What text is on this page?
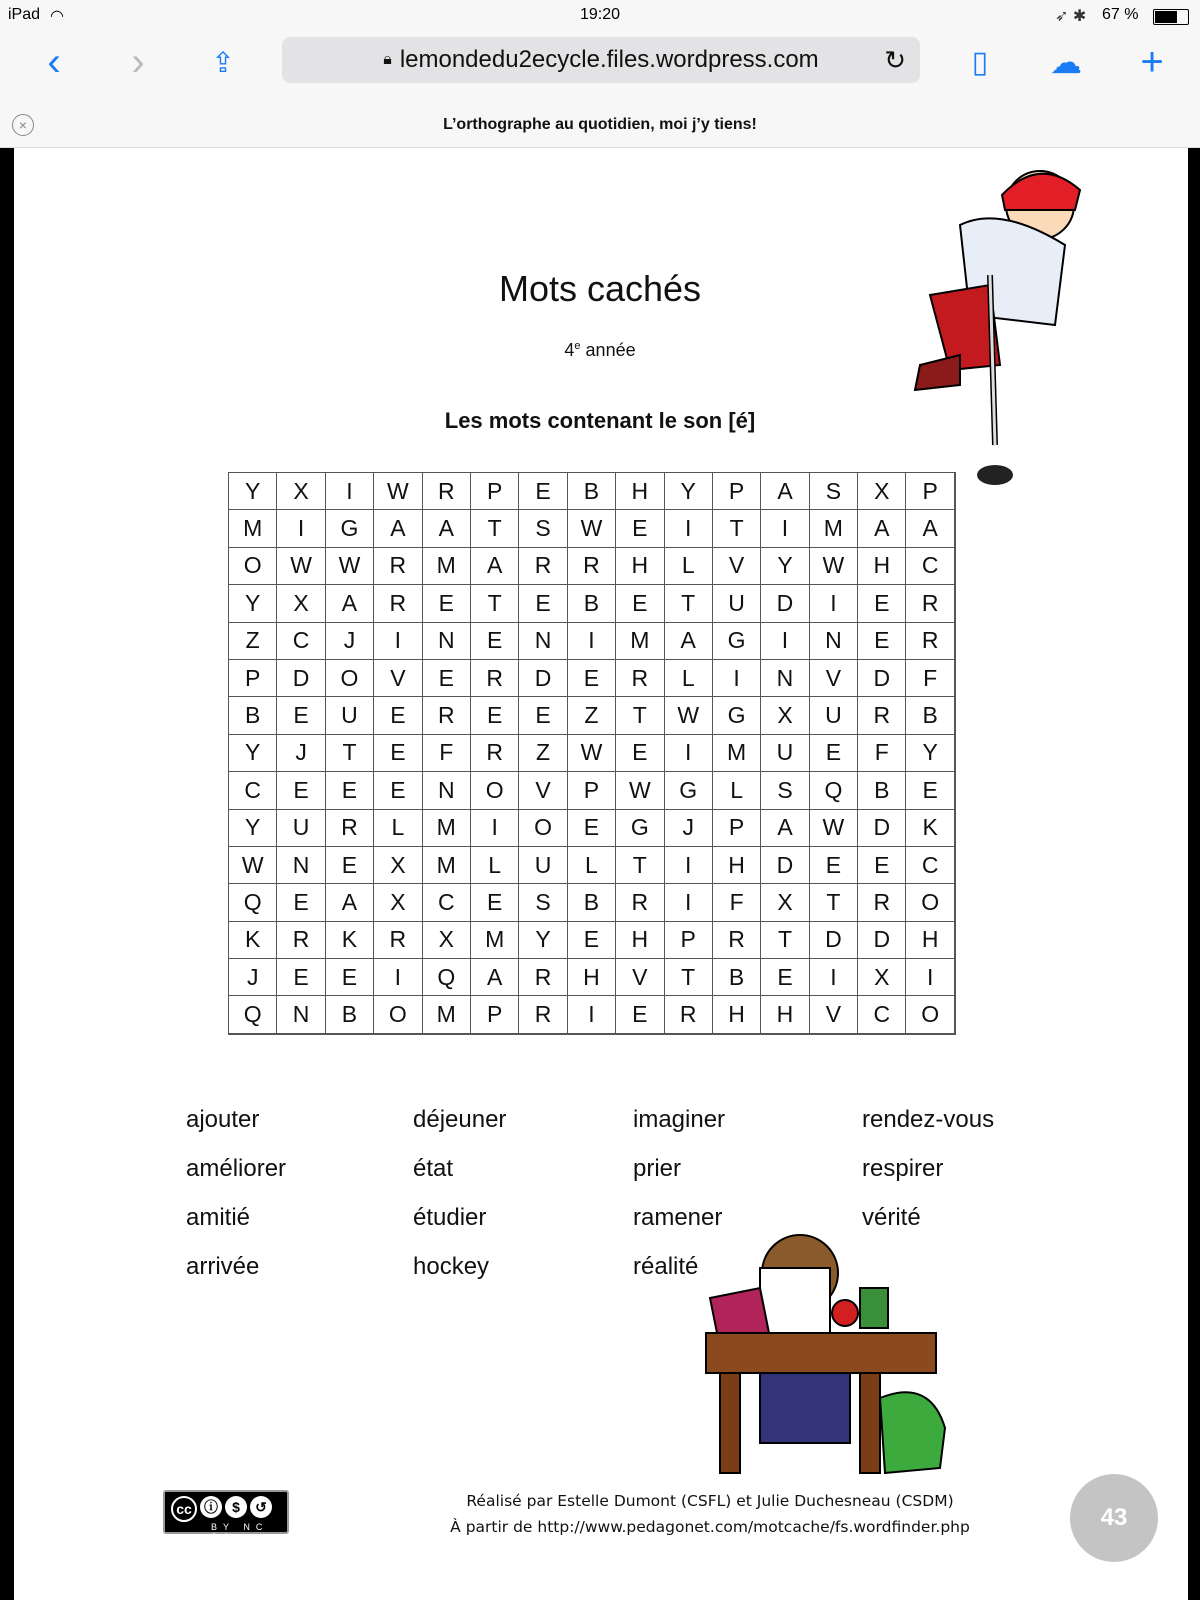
iPad ◠	19:20	➶ ✱ 67 %
‹	›	⇪	🔒︎ lemondedu2ecycle.files.wordpress.com	↻	▯	☁︎ +
×	L’orthographe au quotidien, moi j’y tiens!
Mots cachés
4e année
Les mots contenant le son [é]
Y	X	I	W	R	P	E	B	H	Y	P	A	S	X	P
M	I	G	A	A	T	S	W	E	I	T	I	M	A	A
O	W	W	R	M	A	R	R	H	L	V	Y	W	H	C
Y	X	A	R	E	T	E	B	E	T	U	D	I	E	R
Z	C	J	I	N	E	N	I	M	A	G	I	N	E	R
P	D	O	V	E	R	D	E	R	L	I	N	V	D	F
B	E	U	E	R	E	E	Z	T	W	G	X	U	R	B
Y	J	T	E	F	R	Z	W	E	I	M	U	E	F	Y
C	E	E	E	N	O	V	P	W	G	L	S	Q	B	E
Y	U	R	L	M	I	O	E	G	J	P	A	W	D	K
W	N	E	X	M	L	U	L	T	I	H	D	E	E	C
Q	E	A	X	C	E	S	B	R	I	F	X	T	R	O
K	R	K	R	X	M	Y	E	H	P	R	T	D	D	H
J	E	E	I	Q	A	R	H	V	T	B	E	I	X	I
Q	N	B	O	M	P	R	I	E	R	H	H	V	C	O
ajouter
améliorer
amitié
arrivée
déjeuner
état
étudier
hockey
imaginer
prier
ramener
réalité
rendez-vous
respirer
vérité
cc ⓘ	$	↺
BY NC SA
Réalisé par Estelle Dumont (CSFL) et Julie Duchesneau (CSDM)
À partir de http://www.pedagonet.com/motcache/fs.wordfinder.php	43
